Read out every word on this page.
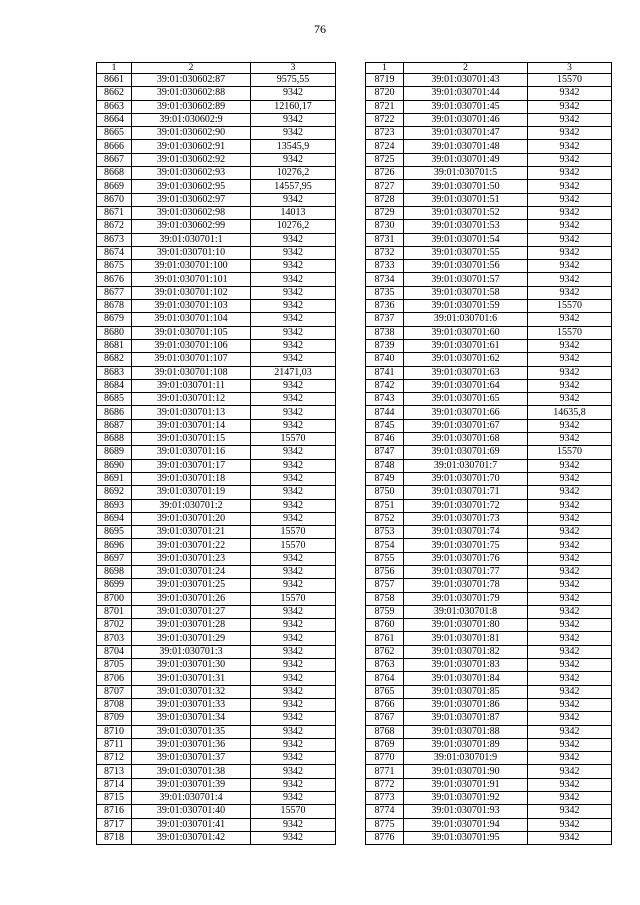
76
1	2	3
8661	39:01:030602:87	9575,55
8662	39:01:030602:88	9342
8663	39:01:030602:89	12160,17
8664	39:01:030602:9	9342
8665	39:01:030602:90	9342
8666	39:01:030602:91	13545,9
8667	39:01:030602:92	9342
8668	39:01:030602:93	10276,2
8669	39:01:030602:95	14557,95
8670	39:01:030602:97	9342
8671	39:01:030602:98	14013
8672	39:01:030602:99	10276,2
8673	39:01:030701:1	9342
8674	39:01:030701:10	9342
8675	39:01:030701:100	9342
8676	39:01:030701:101	9342
8677	39:01:030701:102	9342
8678	39:01:030701:103	9342
8679	39:01:030701:104	9342
8680	39:01:030701:105	9342
8681	39:01:030701:106	9342
8682	39:01:030701:107	9342
8683	39:01:030701:108	21471,03
8684	39:01:030701:11	9342
8685	39:01:030701:12	9342
8686	39:01:030701:13	9342
8687	39:01:030701:14	9342
8688	39:01:030701:15	15570
8689	39:01:030701:16	9342
8690	39:01:030701:17	9342
8691	39:01:030701:18	9342
8692	39:01:030701:19	9342
8693	39:01:030701:2	9342
8694	39:01:030701:20	9342
8695	39:01:030701:21	15570
8696	39:01:030701:22	15570
8697	39:01:030701:23	9342
8698	39:01:030701:24	9342
8699	39:01:030701:25	9342
8700	39:01:030701:26	15570
8701	39:01:030701:27	9342
8702	39:01:030701:28	9342
8703	39:01:030701:29	9342
8704	39:01:030701:3	9342
8705	39:01:030701:30	9342
8706	39:01:030701:31	9342
8707	39:01:030701:32	9342
8708	39:01:030701:33	9342
8709	39:01:030701:34	9342
8710	39:01:030701:35	9342
8711	39:01:030701:36	9342
8712	39:01:030701:37	9342
8713	39:01:030701:38	9342
8714	39:01:030701:39	9342
8715	39:01:030701:4	9342
8716	39:01:030701:40	15570
8717	39:01:030701:41	9342
8718	39:01:030701:42	9342
1	2	3
8719	39:01:030701:43	15570
8720	39:01:030701:44	9342
8721	39:01:030701:45	9342
8722	39:01:030701:46	9342
8723	39:01:030701:47	9342
8724	39:01:030701:48	9342
8725	39:01:030701:49	9342
8726	39:01:030701:5	9342
8727	39:01:030701:50	9342
8728	39:01:030701:51	9342
8729	39:01:030701:52	9342
8730	39:01:030701:53	9342
8731	39:01:030701:54	9342
8732	39:01:030701:55	9342
8733	39:01:030701:56	9342
8734	39:01:030701:57	9342
8735	39:01:030701:58	9342
8736	39:01:030701:59	15570
8737	39:01:030701:6	9342
8738	39:01:030701:60	15570
8739	39:01:030701:61	9342
8740	39:01:030701:62	9342
8741	39:01:030701:63	9342
8742	39:01:030701:64	9342
8743	39:01:030701:65	9342
8744	39:01:030701:66	14635,8
8745	39:01:030701:67	9342
8746	39:01:030701:68	9342
8747	39:01:030701:69	15570
8748	39:01:030701:7	9342
8749	39:01:030701:70	9342
8750	39:01:030701:71	9342
8751	39:01:030701:72	9342
8752	39:01:030701:73	9342
8753	39:01:030701:74	9342
8754	39:01:030701:75	9342
8755	39:01:030701:76	9342
8756	39:01:030701:77	9342
8757	39:01:030701:78	9342
8758	39:01:030701:79	9342
8759	39:01:030701:8	9342
8760	39:01:030701:80	9342
8761	39:01:030701:81	9342
8762	39:01:030701:82	9342
8763	39:01:030701:83	9342
8764	39:01:030701:84	9342
8765	39:01:030701:85	9342
8766	39:01:030701:86	9342
8767	39:01:030701:87	9342
8768	39:01:030701:88	9342
8769	39:01:030701:89	9342
8770	39:01:030701:9	9342
8771	39:01:030701:90	9342
8772	39:01:030701:91	9342
8773	39:01:030701:92	9342
8774	39:01:030701:93	9342
8775	39:01:030701:94	9342
8776	39:01:030701:95	9342
